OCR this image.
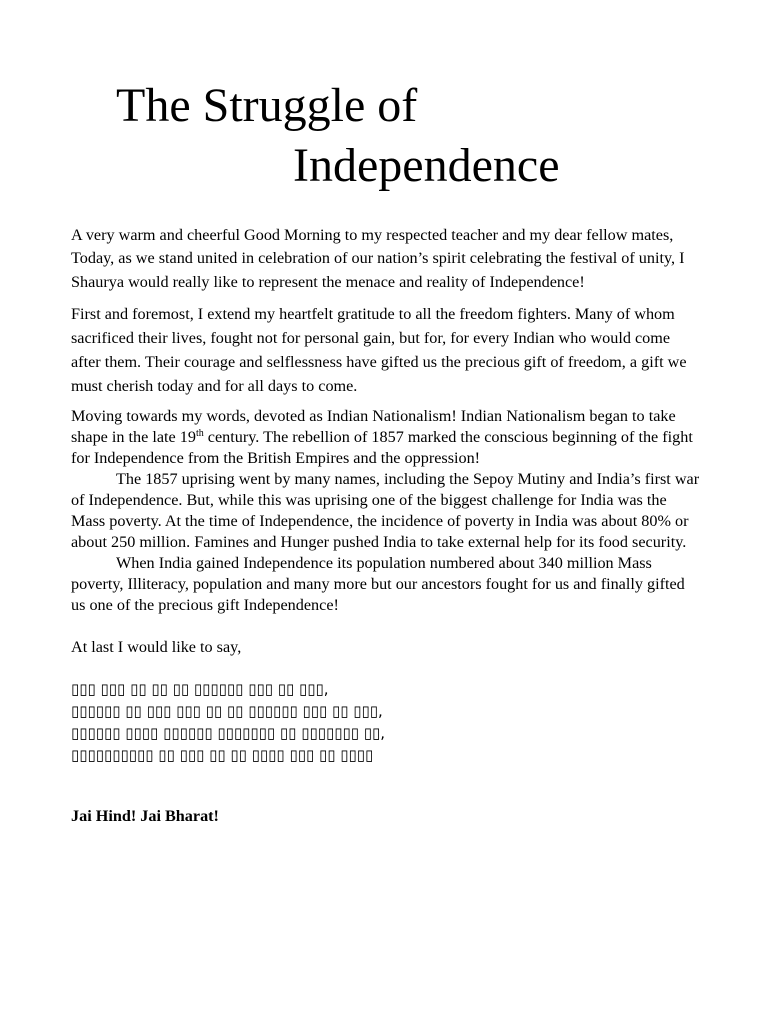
The Struggle of
Independence

A very warm and cheerful Good Morning to my respected teacher and my dear fellow mates,

Today, as we stand united in celebration of our nation’s spirit celebrating the festival of unity, I Shaurya would really like to represent the menace and reality of Independence!

First and foremost, I extend my heartfelt gratitude to all the freedom fighters. Many of whom sacrificed their lives, fought not for personal gain, but for, for every Indian who would come after them. Their courage and selflessness have gifted us the precious gift of freedom, a gift we must cherish today and for all days to come.

Moving towards my words, devoted as Indian Nationalism! Indian Nationalism began to take shape in the late 19th century. The rebellion of 1857 marked the conscious beginning of the fight for Independence from the British Empires and the oppression!

The 1857 uprising went by many names, including the Sepoy Mutiny and India’s first war of Independence. But, while this was uprising one of the biggest challenge for India was the Mass poverty. At the time of Independence, the incidence of poverty in India was about 80% or about 250 million. Famines and Hunger pushed India to take external help for its food security.

When India gained Independence its population numbered about 340 million Mass poverty, Illiteracy, population and many more but our ancestors fought for us and finally gifted us one of the precious gift Independence!

At last I would like to say,

▯▯▯ ▯▯▯ ▯▯ ▯▯ ▯▯ ▯▯▯▯▯▯ ▯▯▯ ▯▯ ▯▯▯,
▯▯▯▯▯▯ ▯▯ ▯▯▯ ▯▯▯ ▯▯ ▯▯ ▯▯▯▯▯▯ ▯▯▯ ▯▯ ▯▯▯,
▯▯▯▯▯▯ ▯▯▯▯ ▯▯▯▯▯▯ ▯▯▯▯▯▯▯ ▯▯ ▯▯▯▯▯▯▯ ▯▯,
▯▯▯▯▯▯▯▯▯▯ ▯▯ ▯▯▯ ▯▯ ▯▯ ▯▯▯▯ ▯▯▯ ▯▯ ▯▯▯▯

Jai Hind! Jai Bharat!
